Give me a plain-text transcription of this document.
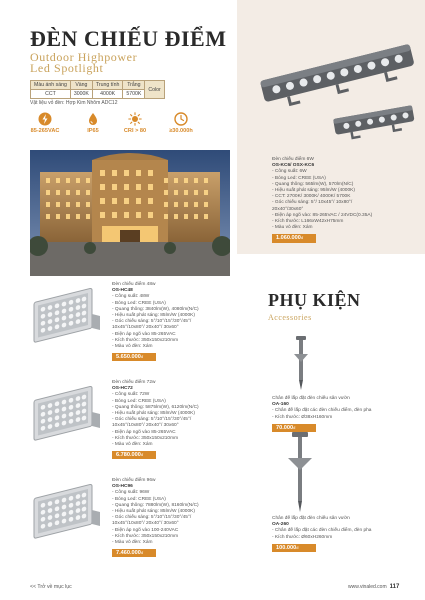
ĐÈN CHIẾU ĐIỂM
Outdoor Highpower
Led Spotlight
Màu ánh sáng	Vàng	Trung tính	Trắng	Color
CCT	3000K	4000K	5700K	
Vật liệu vỏ đèn: Hợp Kim Nhôm ADC12
85-265VAC	IP65	CRI > 80	≥30.000h
Đèn chiếu điểm 6W
OS-KC6/ OSX-KC6
- Công suất: 6W
- Bóng Led: CREE (USA)
- Quang thông: 565lm(W), 570lm(N/C)
- Hiệu suất phát sáng: 95lm/W (4000K)
- CCT: 2700K/ 3000K/ 4000K/ 5700K
- Góc chiếu sáng: 5°/ 10x45°/ 10x80°/
20x40°/30x60°
- Điện áp ngõ vào: 85-265VAC / 24VDC(0.35A)
- Kích thước: L166xW42xH75mm
- Màu vỏ đèn: Xám
1.060.000đ
Đèn chiếu điểm 48w
OS-HC48
- Công suất: 48W
- Bóng Led: CREE (USA)
- Quang thông: 3840lm(W), 4080lm(N/C)
- Hiệu suất phát sáng: 85lm/W (4000K)
- Góc chiếu sáng: 5°/10°/15°/30°/45°/
10x45°/10x80°/ 20x40°/ 30x60°
- Điện áp ngõ vào 85-265VAC
- Kích thước: 350x150x210mm
- Màu vỏ đèn: Xám
5.650.000đ
Đèn chiếu điểm 72w
OS-HC72
- Công suất: 72W
- Bóng Led: CREE (USA)
- Quang thông: 5875lm(W), 6120lm(N/C)
- Hiệu suất phát sáng: 85lm/W (4000K)
- Góc chiếu sáng: 5°/10°/15°/30°/45°/
10x45°/10x80°/ 20x40°/ 30x60°
- Điện áp ngõ vào 85-265VAC
- Kích thước: 350x150x210mm
- Màu vỏ đèn: Xám
6.780.000đ
Đèn chiếu điểm 96w
OS-HC96
- Công suất: 96W
- Bóng Led: CREE (USA)
- Quang thông: 7880lm(W), 8160lm(N/C)
- Hiệu suất phát sáng: 85lm/W (4000K)
- Góc chiếu sáng: 5°/10°/15°/30°/45°/
10x45°/10x80°/ 20x40°/ 30x60°
- Điện áp ngõ vào 100-240VAC
- Kích thước: 350x150x210mm
- Màu vỏ đèn: Xám
7.460.000đ
PHỤ KIỆN
Accessories
Chân đế lắp đặt đèn chiếu sân vườn
OA-160
- Chân đế lắp đặt các đèn chiếu điểm, đèn pha
- Kích thước: Ø38xH160mm
70.000đ
Chân đế lắp đặt đèn chiếu sân vườn
OA-260
- Chân đế lắp đặt các đèn chiếu điểm, đèn pha
- Kích thước: Ø60xH260mm
100.000đ
<< Trở về mục lục	www.vinaled.com 117
